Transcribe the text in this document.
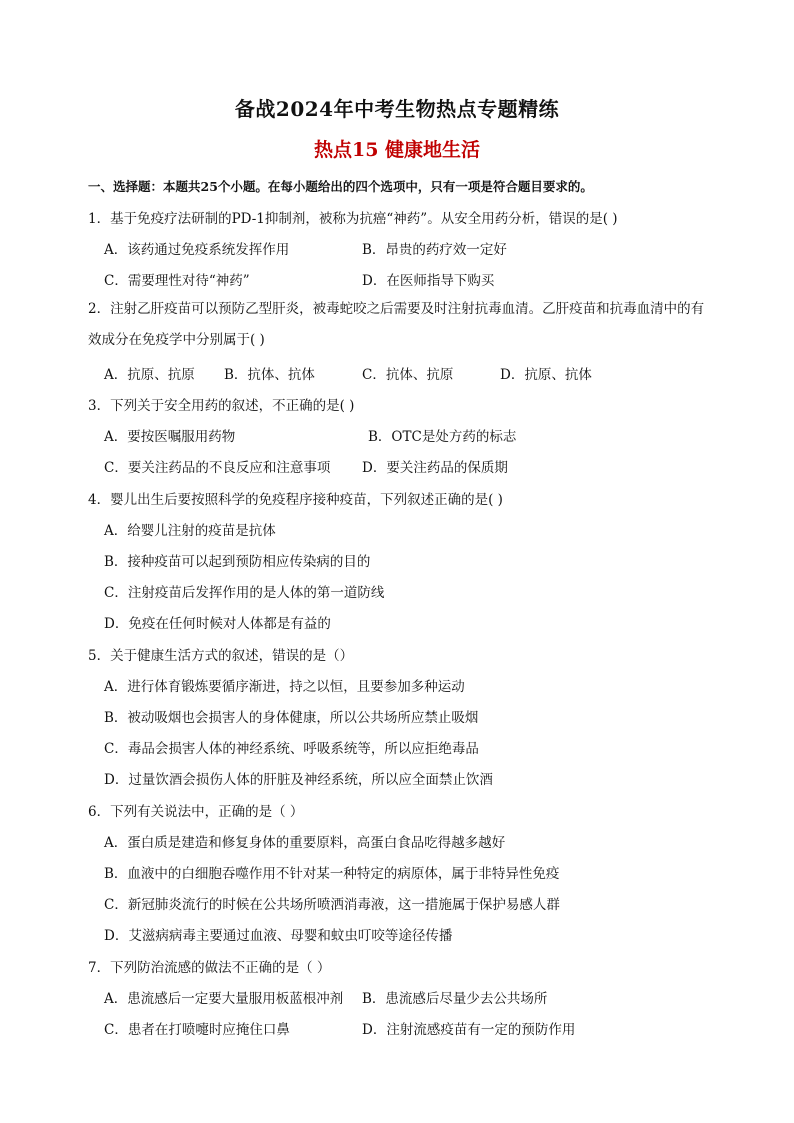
备战2024年中考生物热点专题精练
热点15 健康地生活
一、选择题：本题共25个小题。在每小题给出的四个选项中，只有一项是符合题目要求的。
1．基于免疫疗法研制的PD-1抑制剂，被称为抗癌“神药”。从安全用药分析，错误的是( )
A．该药通过免疫系统发挥作用	B．昂贵的药疗效一定好
C．需要理性对待“神药”	D．在医师指导下购买
2．注射乙肝疫苗可以预防乙型肝炎，被毒蛇咬之后需要及时注射抗毒血清。乙肝疫苗和抗毒血清中的有效成分在免疫学中分别属于( )
A．抗原、抗原 B．抗体、抗体	C．抗体、抗原	D．抗原、抗体
3．下列关于安全用药的叙述，不正确的是( )
A．要按医嘱服用药物	B．OTC是处方药的标志
C．要关注药品的不良反应和注意事项 D．要关注药品的保质期
4．婴儿出生后要按照科学的免疫程序接种疫苗，下列叙述正确的是( )
A．给婴儿注射的疫苗是抗体
B．接种疫苗可以起到预防相应传染病的目的
C．注射疫苗后发挥作用的是人体的第一道防线
D．免疫在任何时候对人体都是有益的
5．关于健康生活方式的叙述，错误的是（）
A．进行体育锻炼要循序渐进，持之以恒，且要参加多种运动
B．被动吸烟也会损害人的身体健康，所以公共场所应禁止吸烟
C．毒品会损害人体的神经系统、呼吸系统等，所以应拒绝毒品
D．过量饮酒会损伤人体的肝脏及神经系统，所以应全面禁止饮酒
6．下列有关说法中，正确的是（ ）
A．蛋白质是建造和修复身体的重要原料，高蛋白食品吃得越多越好
B．血液中的白细胞吞噬作用不针对某一种特定的病原体，属于非特异性免疫
C．新冠肺炎流行的时候在公共场所喷洒消毒液，这一措施属于保护易感人群
D．艾滋病病毒主要通过血液、母婴和蚊虫叮咬等途径传播
7．下列防治流感的做法不正确的是（ ）
A．患流感后一定要大量服用板蓝根冲剂 B．患流感后尽量少去公共场所
C．患者在打喷嚏时应掩住口鼻	D．注射流感疫苗有一定的预防作用
